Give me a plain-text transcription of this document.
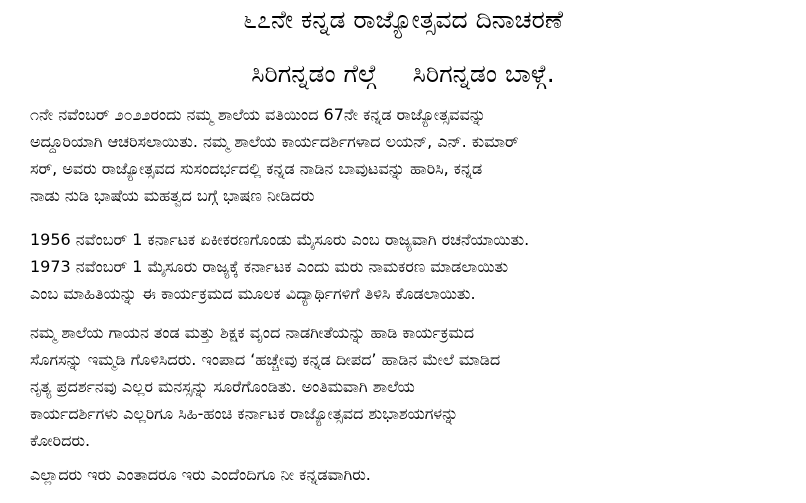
೬೭ನೇ ಕನ್ನಡ ರಾಜ್ಯೋತ್ಸವದ ದಿನಾಚರಣೆ
ಸಿರಿಗನ್ನಡಂ ಗೆಲ್ಗೆ ಸಿರಿಗನ್ನಡಂ ಬಾಳ್ಗೆ.
೧ನೇ ನವೆಂಬರ್ ೨೦೨೨ರಂದು ನಮ್ಮ ಶಾಲೆಯ ವತಿಯಿಂದ 67ನೇ ಕನ್ನಡ ರಾಜ್ಯೋತ್ಸವವನ್ನು
ಅದ್ದೂರಿಯಾಗಿ ಆಚರಿಸಲಾಯಿತು. ನಮ್ಮ ಶಾಲೆಯ ಕಾರ್ಯದರ್ಶಿಗಳಾದ ಲಯನ್, ಎನ್. ಕುಮಾರ್
ಸರ್, ಅವರು ರಾಜ್ಯೋತ್ಸವದ ಸುಸಂದರ್ಭದಲ್ಲಿ ಕನ್ನಡ ನಾಡಿನ ಬಾವುಟವನ್ನು ಹಾರಿಸಿ, ಕನ್ನಡ
ನಾಡು ನುಡಿ ಭಾಷೆಯ ಮಹತ್ವದ ಬಗ್ಗೆ ಭಾಷಣ ನೀಡಿದರು
1956 ನವೆಂಬರ್ 1 ಕರ್ನಾಟಕ ಏಕೀಕರಣಗೊಂಡು ಮೈಸೂರು ಎಂಬ ರಾಜ್ಯವಾಗಿ ರಚನೆಯಾಯಿತು.
1973 ನವೆಂಬರ್ 1 ಮೈಸೂರು ರಾಜ್ಯಕ್ಕೆ ಕರ್ನಾಟಕ ಎಂದು ಮರು ನಾಮಕರಣ ಮಾಡಲಾಯಿತು
ಎಂಬ ಮಾಹಿತಿಯನ್ನು ಈ ಕಾರ್ಯಕ್ರಮದ ಮೂಲಕ ವಿದ್ಯಾರ್ಥಿಗಳಿಗೆ ತಿಳಿಸಿ ಕೊಡಲಾಯಿತು.
ನಮ್ಮ ಶಾಲೆಯ ಗಾಯನ ತಂಡ ಮತ್ತು ಶಿಕ್ಷಕ ವೃಂದ ನಾಡಗೀತೆಯನ್ನು ಹಾಡಿ ಕಾರ್ಯಕ್ರಮದ
ಸೊಗಸನ್ನು ಇಮ್ಮಡಿ ಗೊಳಿಸಿದರು. ಇಂಪಾದ ‘ಹಚ್ಚೇವು ಕನ್ನಡ ದೀಪದ’ ಹಾಡಿನ ಮೇಲೆ ಮಾಡಿದ
ನೃತ್ಯ ಪ್ರದರ್ಶನವು ಎಲ್ಲರ ಮನಸ್ಸನ್ನು ಸೂರೆಗೊಂಡಿತು. ಅಂತಿಮವಾಗಿ ಶಾಲೆಯ
ಕಾರ್ಯದರ್ಶಿಗಳು ಎಲ್ಲರಿಗೂ ಸಿಹಿ-ಹಂಚಿ ಕರ್ನಾಟಕ ರಾಜ್ಯೋತ್ಸವದ ಶುಭಾಶಯಗಳನ್ನು
ಕೋರಿದರು.
ಎಲ್ಲಾದರು ಇರು ಎಂತಾದರೂ ಇರು ಎಂದೆಂದಿಗೂ ನೀ ಕನ್ನಡವಾಗಿರು.
